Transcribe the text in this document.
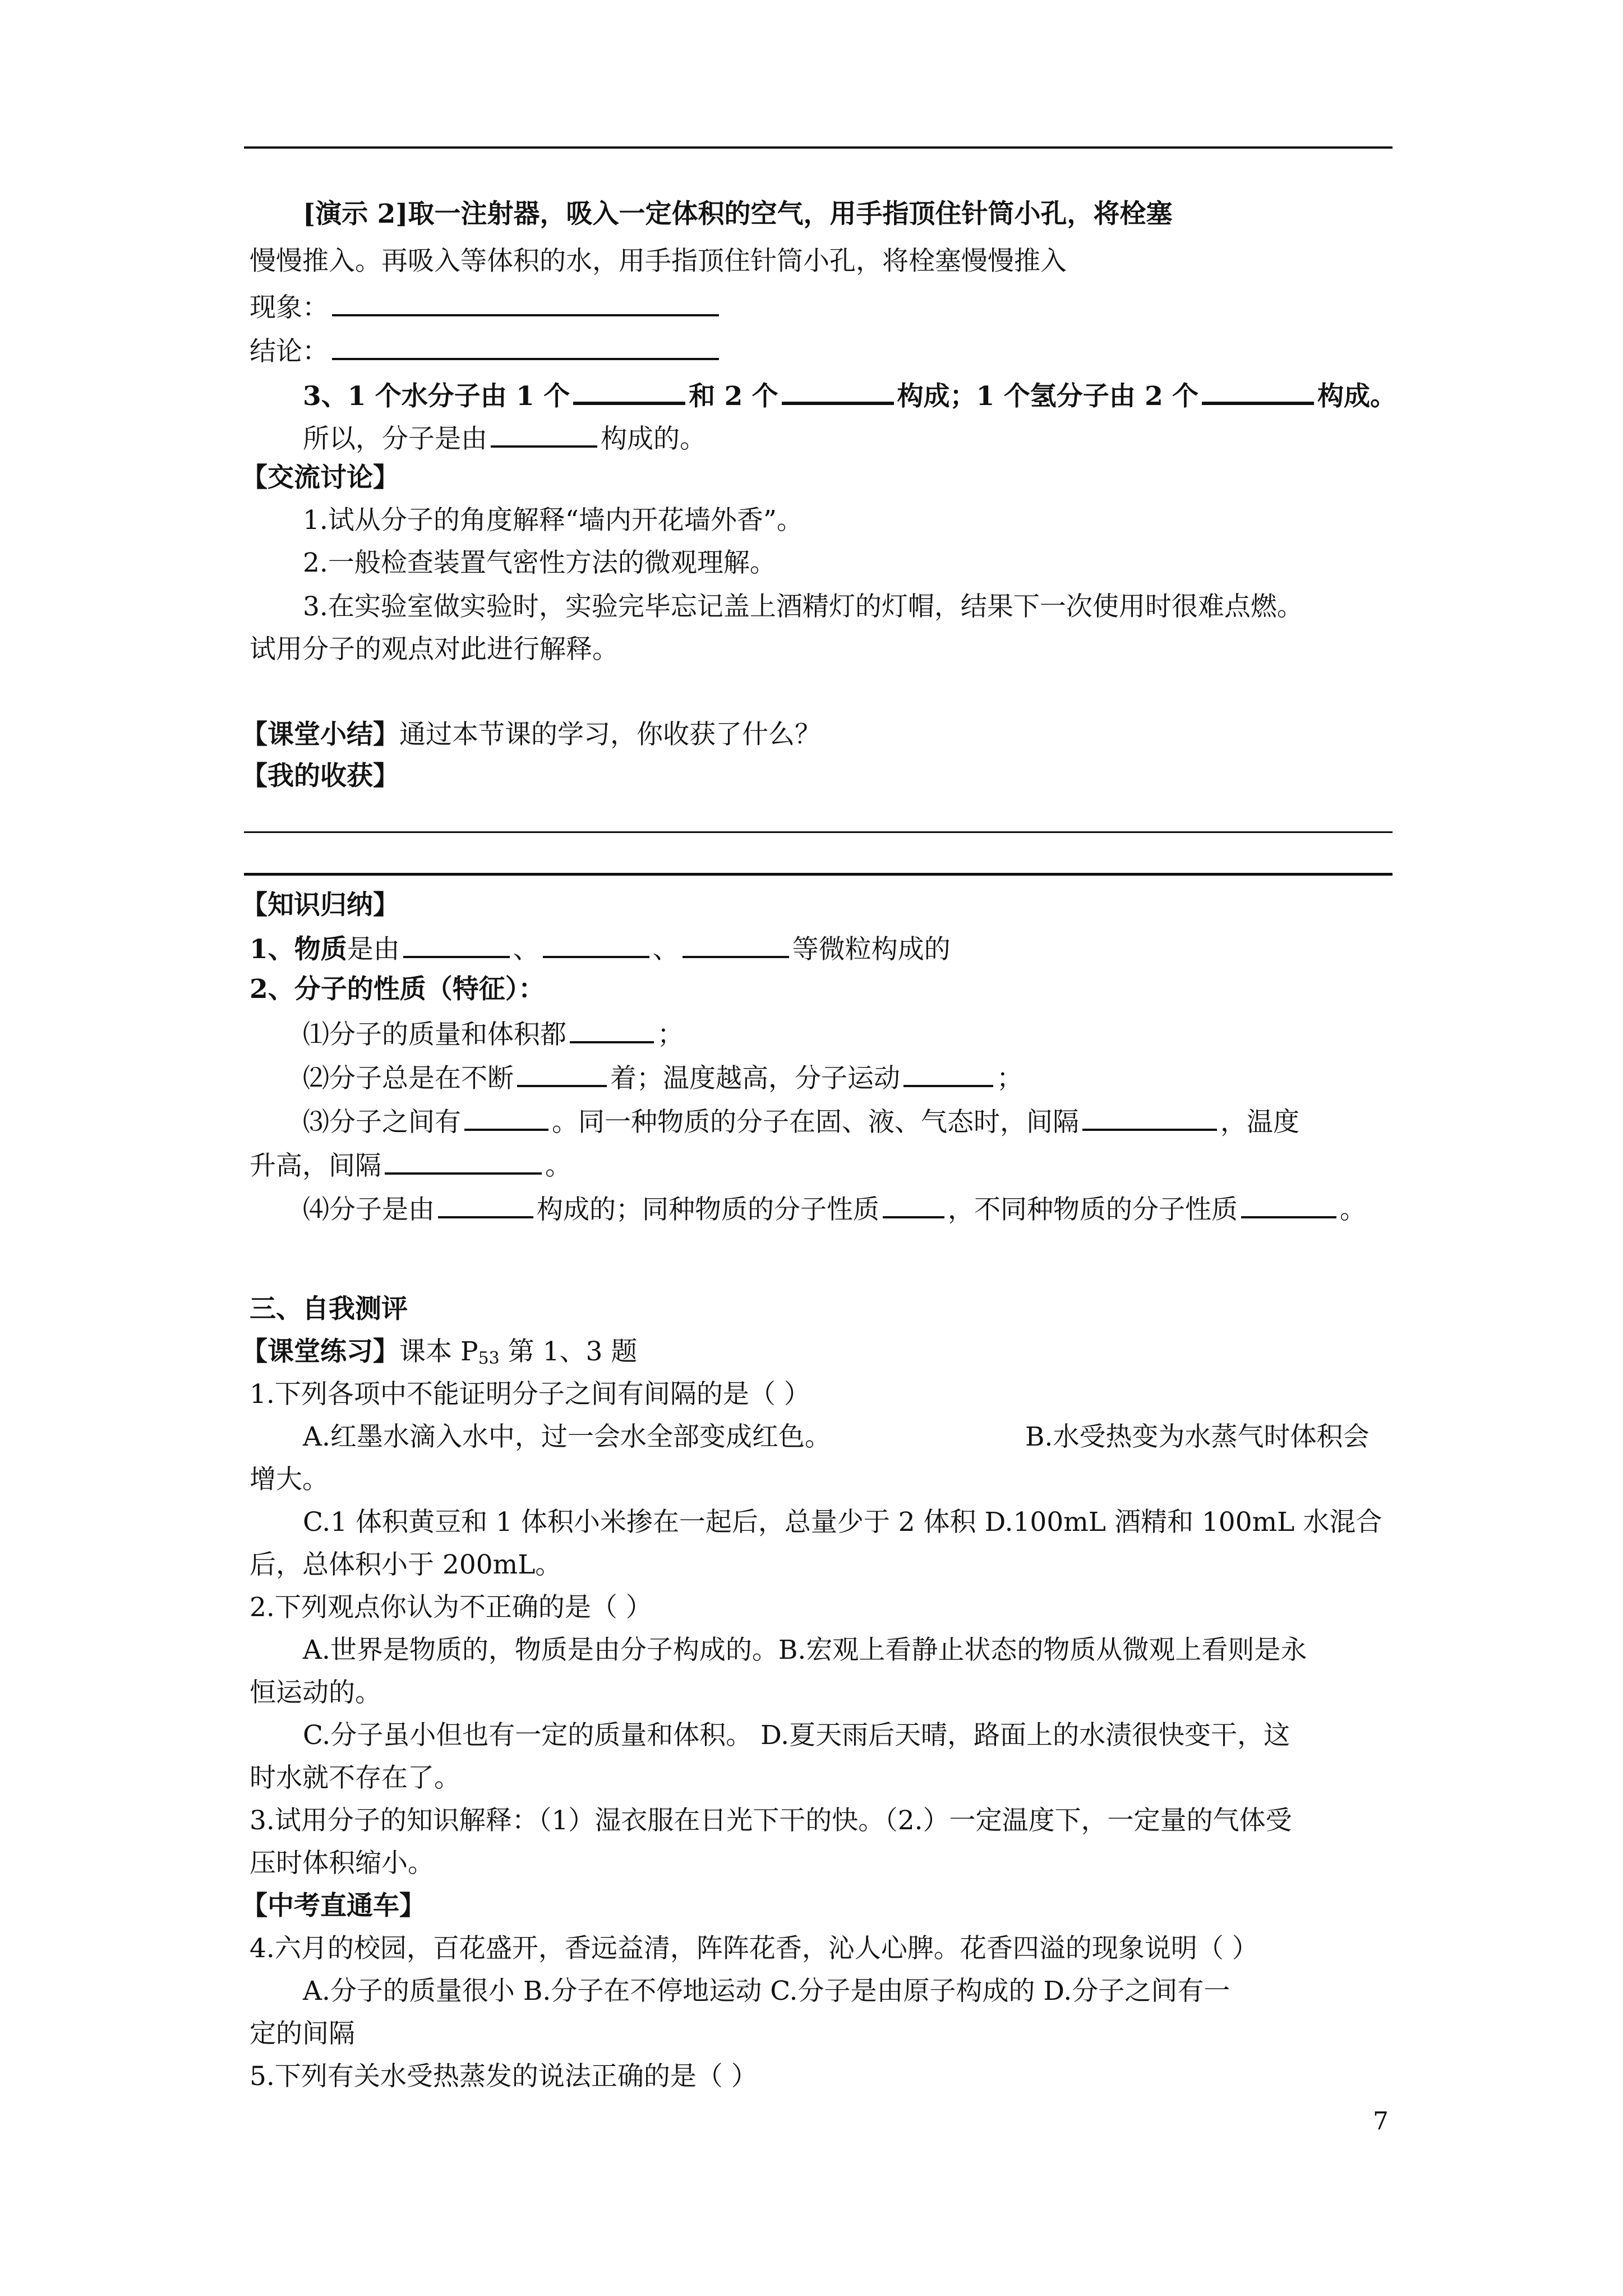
[演示 2]取一注射器，吸入一定体积的空气，用手指顶住针筒小孔，将栓塞
慢慢推入。再吸入等体积的水，用手指顶住针筒小孔，将栓塞慢慢推入
现象：
结论：
3、1 个水分子由 1 个	和 2 个	构成；1 个氢分子由 2 个	构成。
所以，分子是由	构成的。
【交流讨论】
1.试从分子的角度解释“墙内开花墙外香”。
2.一般检查装置气密性方法的微观理解。
3.在实验室做实验时，实验完毕忘记盖上酒精灯的灯帽，结果下一次使用时很难点燃。
试用分子的观点对此进行解释。
【课堂小结】通过本节课的学习，你收获了什么？
【我的收获】
【知识归纳】
1、物质是由	、	、	等微粒构成的
2、分子的性质（特征）：
⑴分子的质量和体积都	；
⑵分子总是在不断	着；温度越高，分子运动	；
⑶分子之间有	。同一种物质的分子在固、液、气态时，间隔	，温度
升高，间隔	。
⑷分子是由	构成的；同种物质的分子性质	，不同种物质的分子性质	。
三、自我测评
【课堂练习】课本 $P_{53}$ 第 1、3 题
1.下列各项中不能证明分子之间有间隔的是（ ）
A.红墨水滴入水中，过一会水全部变成红色。	B.水受热变为水蒸气时体积会
增大。
C.1 体积黄豆和 1 体积小米掺在一起后，总量少于 2 体积 D.100mL 酒精和 100mL 水混合
后，总体积小于 200mL。
2.下列观点你认为不正确的是（ ）
A.世界是物质的，物质是由分子构成的。B.宏观上看静止状态的物质从微观上看则是永
恒运动的。
C.分子虽小但也有一定的质量和体积。 D.夏天雨后天晴，路面上的水渍很快变干，这
时水就不存在了。
3.试用分子的知识解释：（1）湿衣服在日光下干的快。（2.）一定温度下，一定量的气体受
压时体积缩小。
【中考直通车】
4.六月的校园，百花盛开，香远益清，阵阵花香，沁人心脾。花香四溢的现象说明（ ）
A.分子的质量很小 B.分子在不停地运动 C.分子是由原子构成的 D.分子之间有一
定的间隔
5.下列有关水受热蒸发的说法正确的是（ ）
7
